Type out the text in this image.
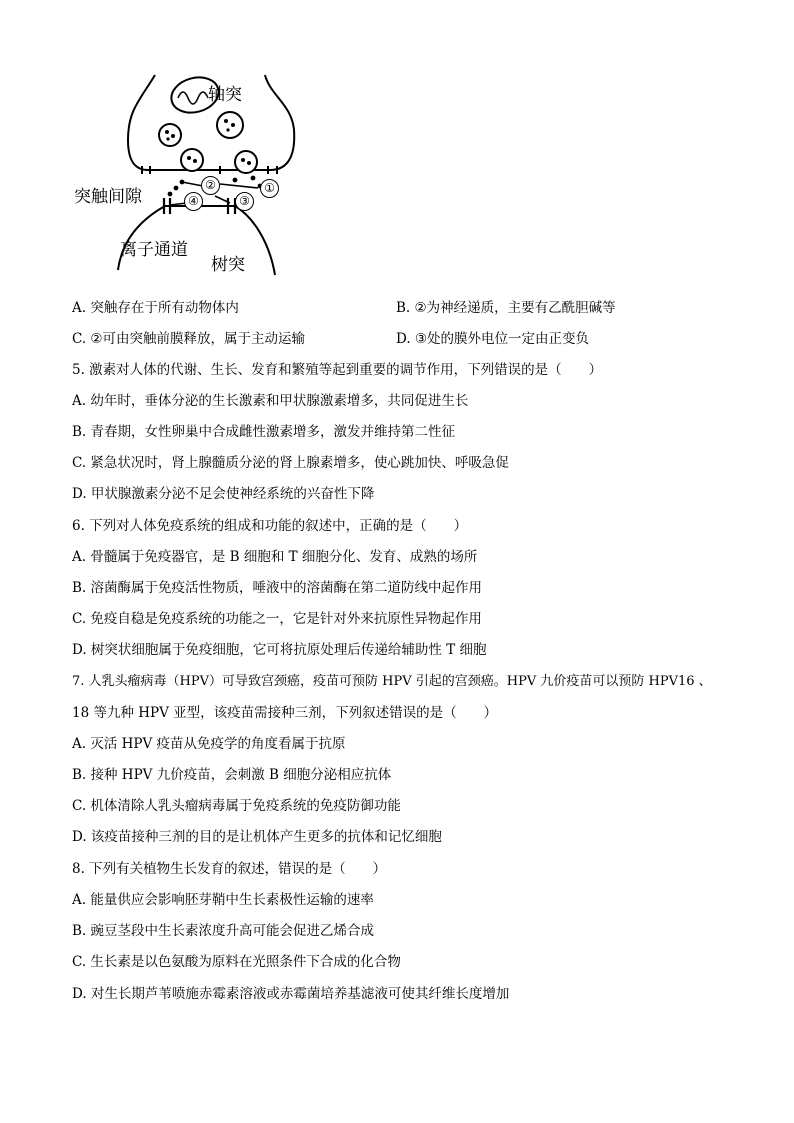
轴突
突触间隙
离子通道
树突
①
②
③
④
A. 突触存在于所有动物体内	B. ②为神经递质，主要有乙酰胆碱等
C. ②可由突触前膜释放，属于主动运输	D. ③处的膜外电位一定由正变负
5. 激素对人体的代谢、生长、发育和繁殖等起到重要的调节作用，下列错误的是（　　）
A. 幼年时，垂体分泌的生长激素和甲状腺激素增多，共同促进生长
B. 青春期，女性卵巢中合成雌性激素增多，激发并维持第二性征
C. 紧急状况时，肾上腺髓质分泌的肾上腺素增多，使心跳加快、呼吸急促
D. 甲状腺激素分泌不足会使神经系统的兴奋性下降
6. 下列对人体免疫系统的组成和功能的叙述中，正确的是（　　）
A. 骨髓属于免疫器官，是 B 细胞和 T 细胞分化、发育、成熟的场所
B. 溶菌酶属于免疫活性物质，唾液中的溶菌酶在第二道防线中起作用
C. 免疫自稳是免疫系统的功能之一，它是针对外来抗原性异物起作用
D. 树突状细胞属于免疫细胞，它可将抗原处理后传递给辅助性 T 细胞
7. 人乳头瘤病毒（HPV）可导致宫颈癌，疫苗可预防 HPV 引起的宫颈癌。HPV 九价疫苗可以预防 HPV16 、
18 等九种 HPV 亚型，该疫苗需接种三剂，下列叙述错误的是（　　）
A. 灭活 HPV 疫苗从免疫学的角度看属于抗原
B. 接种 HPV 九价疫苗，会刺激 B 细胞分泌相应抗体
C. 机体清除人乳头瘤病毒属于免疫系统的免疫防御功能
D. 该疫苗接种三剂的目的是让机体产生更多的抗体和记忆细胞
8. 下列有关植物生长发育的叙述，错误的是（　　）
A. 能量供应会影响胚芽鞘中生长素极性运输的速率
B. 豌豆茎段中生长素浓度升高可能会促进乙烯合成
C. 生长素是以色氨酸为原料在光照条件下合成的化合物
D. 对生长期芦苇喷施赤霉素溶液或赤霉菌培养基滤液可使其纤维长度增加
